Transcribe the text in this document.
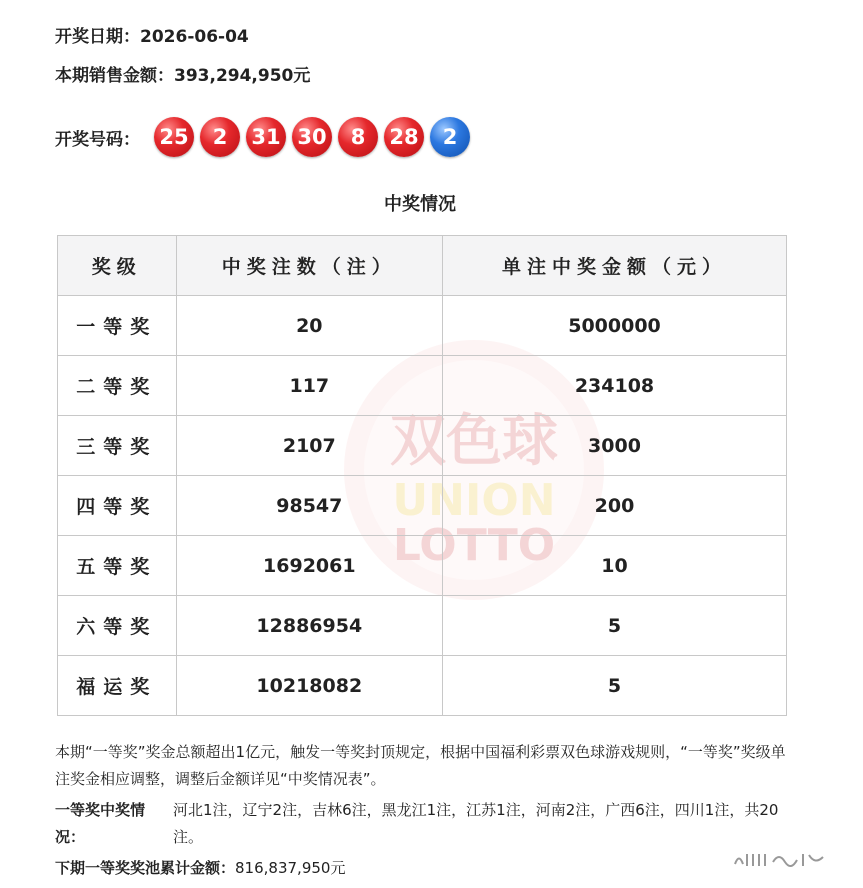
开奖日期：2026-06-04
本期销售金额：393,294,950元
开奖号码： 25	2	31 30	8	28	2
中奖情况
双色球
UNION
LOTTO
奖级	中奖注数（注）	单注中奖金额（元）
一等奖	20	5000000
二等奖	117	234108
三等奖	2107	3000
四等奖	98547	200
五等奖	1692061	10
六等奖	12886954	5
福运奖	10218082	5
本期“一等奖”奖金总额超出1亿元，触发一等奖封顶规定，根据中国福利彩票双色球游戏规则，“一等奖”奖级单注奖金相应调整，调整后金额详见“中奖情况表”。
一等奖中奖情况：河北1注，辽宁2注，吉林6注，黑龙江1注，江苏1注，河南2注，广西6注，四川1注，共20注。
下期一等奖奖池累计金额：816,837,950元
